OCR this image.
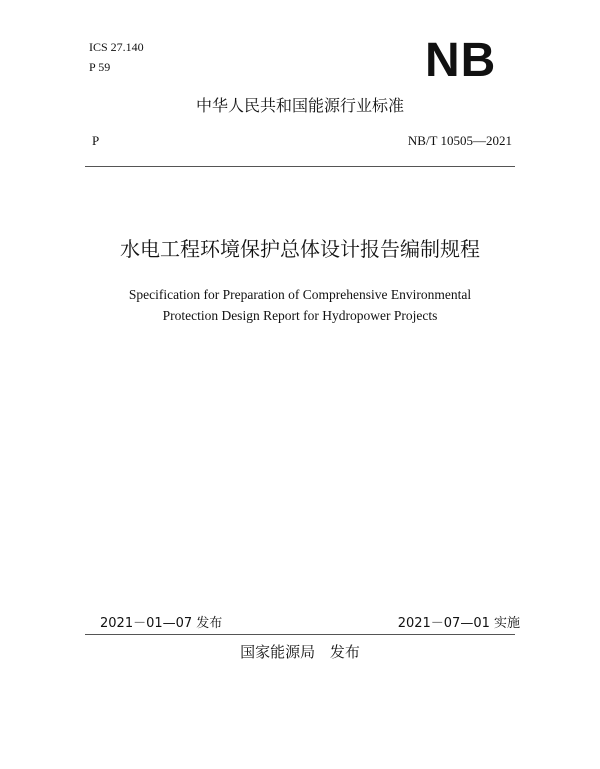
ICS 27.140
P 59	NB
中华人民共和国能源行业标准
P	NB/T 10505—2021
水电工程环境保护总体设计报告编制规程
Specification for Preparation of Comprehensive Environmental
Protection Design Report for Hydropower Projects
2021－01—07 发布	2021－07—01 实施
国家能源局 发布
